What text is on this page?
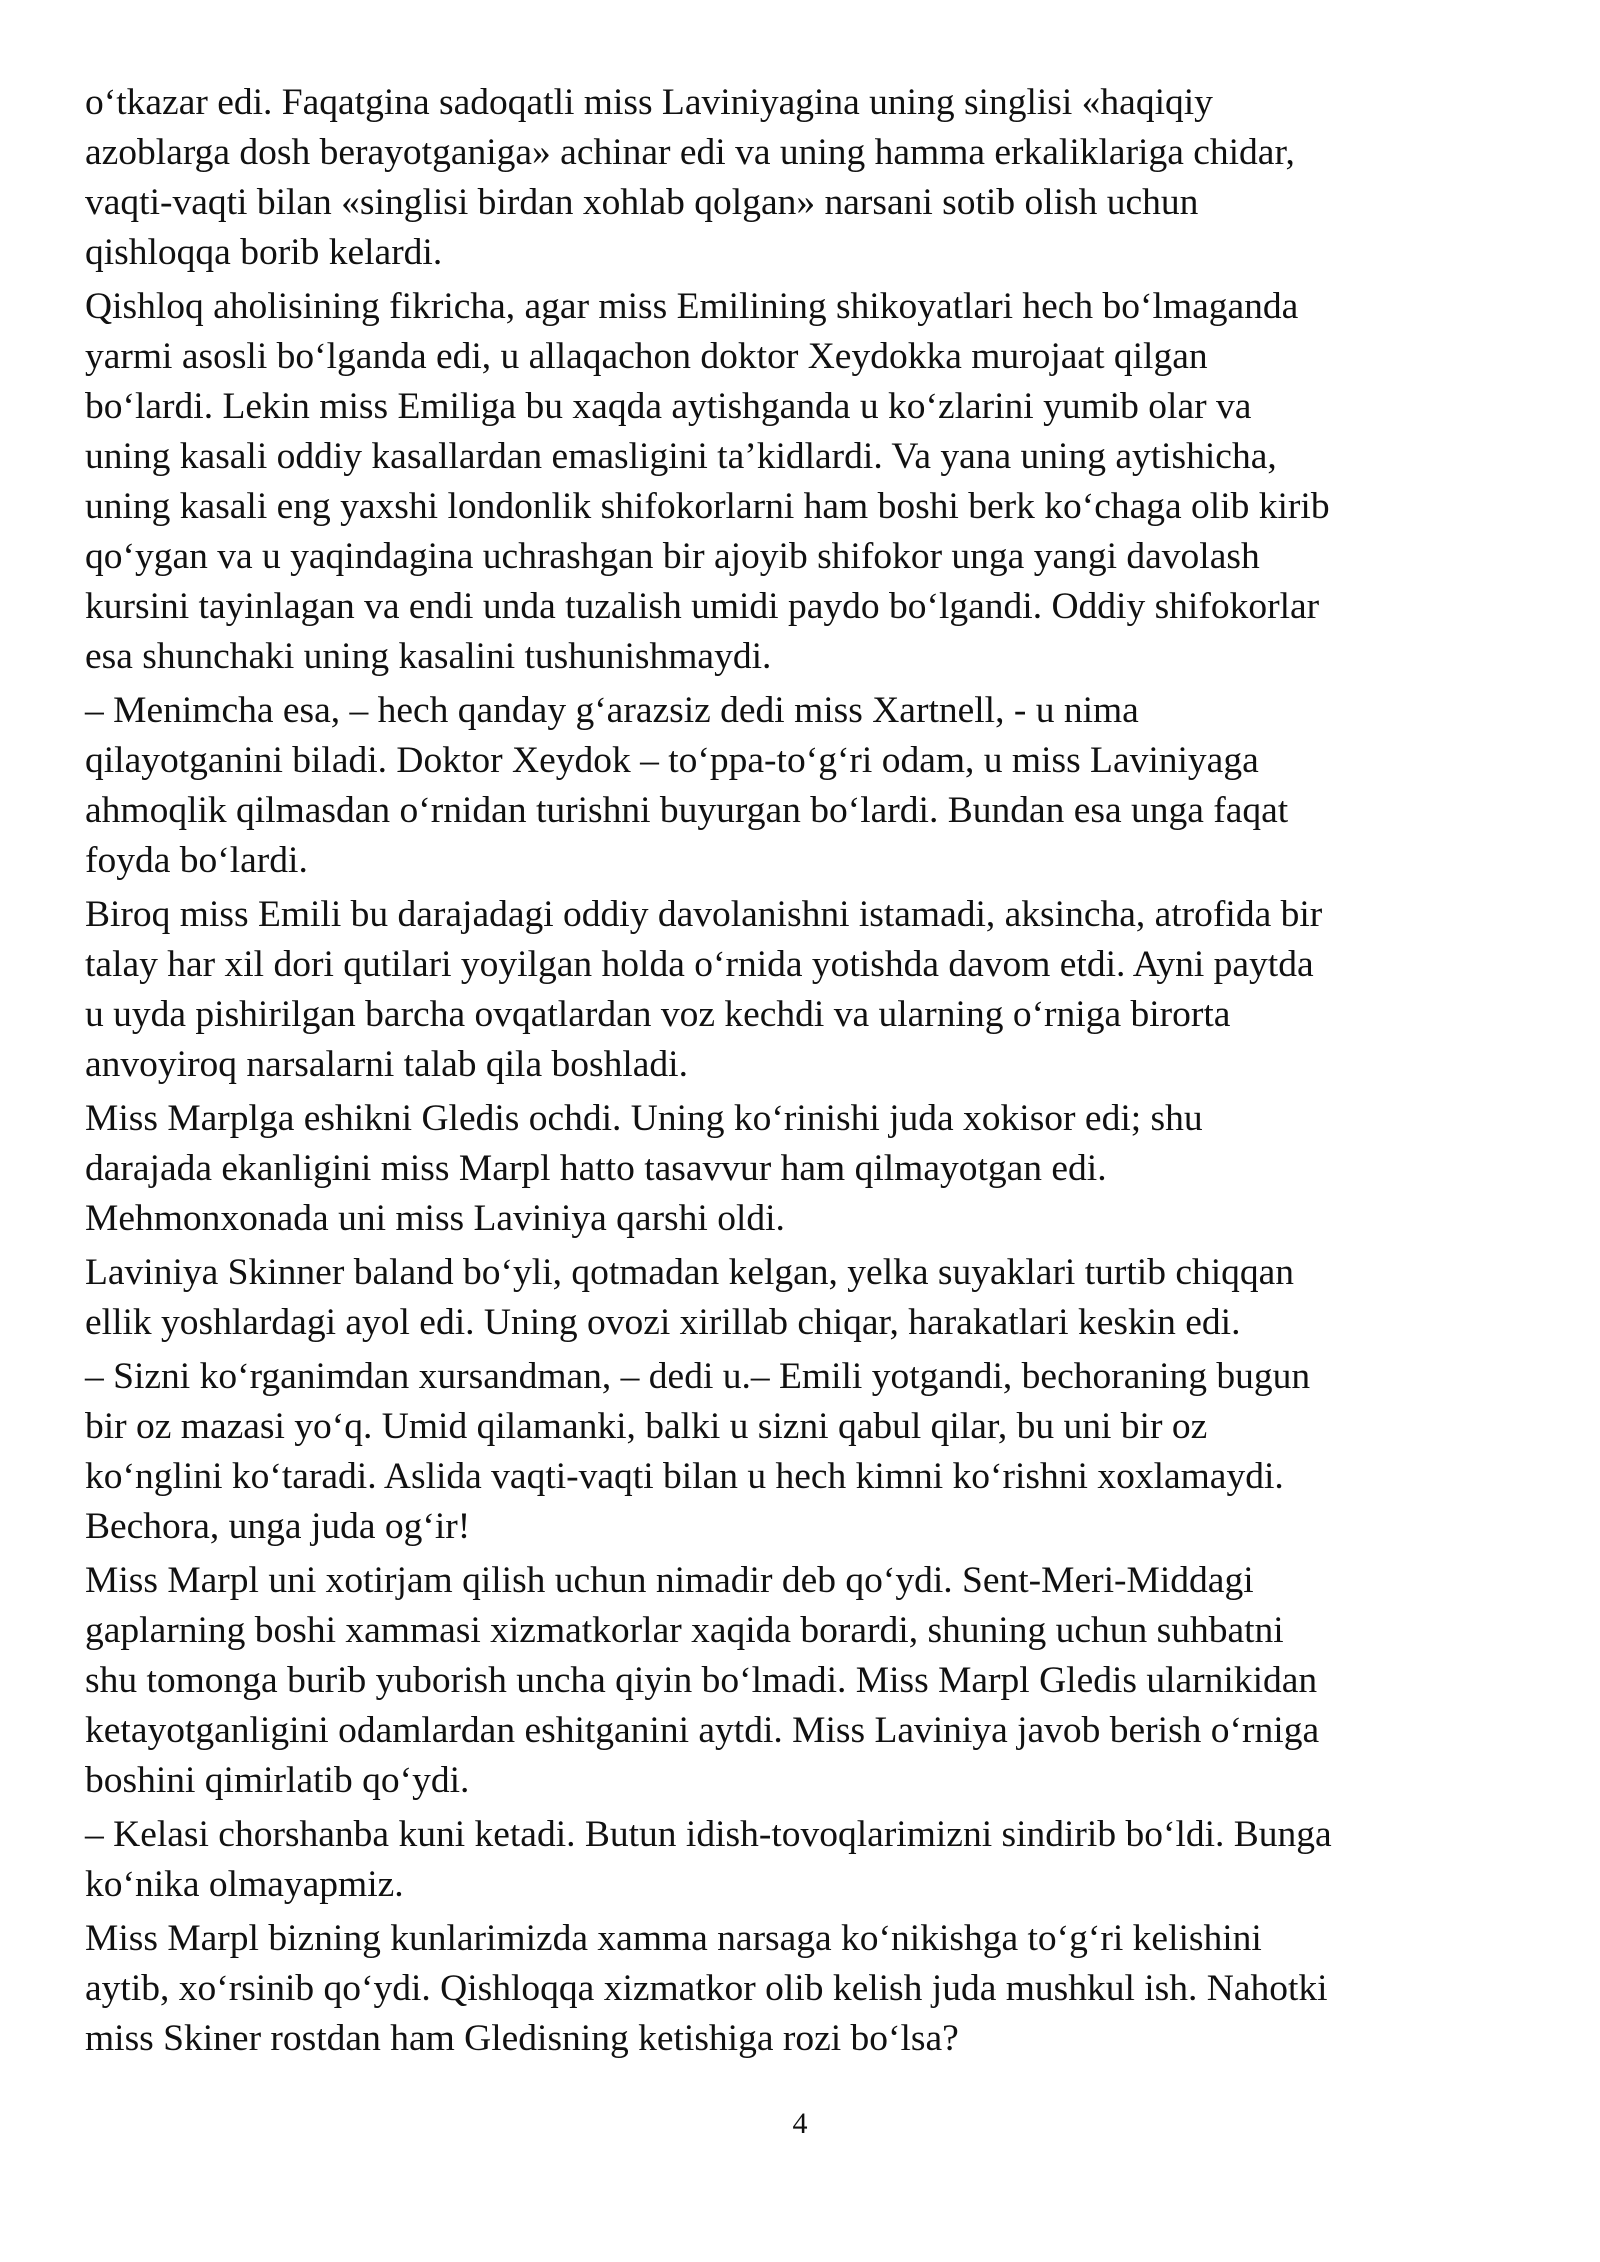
o‘tkazar edi. Faqatgina sadoqatli miss Laviniyagina uning singlisi «haqiqiy
azoblarga dosh berayotganiga» achinar edi va uning hamma erkaliklariga chidar,
vaqti-vaqti bilan «singlisi birdan xohlab qolgan» narsani sotib olish uchun
qishloqqa borib kelardi.

Qishloq aholisining fikricha, agar miss Emilining shikoyatlari hech bo‘lmaganda
yarmi asosli bo‘lganda edi, u allaqachon doktor Xeydokka murojaat qilgan
bo‘lardi. Lekin miss Emiliga bu xaqda aytishganda u ko‘zlarini yumib olar va
uning kasali oddiy kasallardan emasligini ta’kidlardi. Va yana uning aytishicha,
uning kasali eng yaxshi londonlik shifokorlarni ham boshi berk ko‘chaga olib kirib
qo‘ygan va u yaqindagina uchrashgan bir ajoyib shifokor unga yangi davolash
kursini tayinlagan va endi unda tuzalish umidi paydo bo‘lgandi. Oddiy shifokorlar
esa shunchaki uning kasalini tushunishmaydi.

– Menimcha esa, – hech qanday g‘arazsiz dedi miss Xartnell, - u nima
qilayotganini biladi. Doktor Xeydok – to‘ppa-to‘g‘ri odam, u miss Laviniyaga
ahmoqlik qilmasdan o‘rnidan turishni buyurgan bo‘lardi. Bundan esa unga faqat
foyda bo‘lardi.

Biroq miss Emili bu darajadagi oddiy davolanishni istamadi, aksincha, atrofida bir
talay har xil dori qutilari yoyilgan holda o‘rnida yotishda davom etdi. Ayni paytda
u uyda pishirilgan barcha ovqatlardan voz kechdi va ularning o‘rniga birorta
anvoyiroq narsalarni talab qila boshladi.

Miss Marplga eshikni Gledis ochdi. Uning ko‘rinishi juda xokisor edi; shu
darajada ekanligini miss Marpl hatto tasavvur ham qilmayotgan edi.
Mehmonxonada uni miss Laviniya qarshi oldi.

Laviniya Skinner baland bo‘yli, qotmadan kelgan, yelka suyaklari turtib chiqqan
ellik yoshlardagi ayol edi. Uning ovozi xirillab chiqar, harakatlari keskin edi.

– Sizni ko‘rganimdan xursandman, – dedi u.– Emili yotgandi, bechoraning bugun
bir oz mazasi yo‘q. Umid qilamanki, balki u sizni qabul qilar, bu uni bir oz
ko‘nglini ko‘taradi. Aslida vaqti-vaqti bilan u hech kimni ko‘rishni xoxlamaydi.
Bechora, unga juda og‘ir!

Miss Marpl uni xotirjam qilish uchun nimadir deb qo‘ydi. Sent-Meri-Middagi
gaplarning boshi xammasi xizmatkorlar xaqida borardi, shuning uchun suhbatni
shu tomonga burib yuborish uncha qiyin bo‘lmadi. Miss Marpl Gledis ularnikidan
ketayotganligini odamlardan eshitganini aytdi. Miss Laviniya javob berish o‘rniga
boshini qimirlatib qo‘ydi.

– Kelasi chorshanba kuni ketadi. Butun idish-tovoqlarimizni sindirib bo‘ldi. Bunga
ko‘nika olmayapmiz.

Miss Marpl bizning kunlarimizda xamma narsaga ko‘nikishga to‘g‘ri kelishini
aytib, xo‘rsinib qo‘ydi. Qishloqqa xizmatkor olib kelish juda mushkul ish. Nahotki
miss Skiner rostdan ham Gledisning ketishiga rozi bo‘lsa?

4
